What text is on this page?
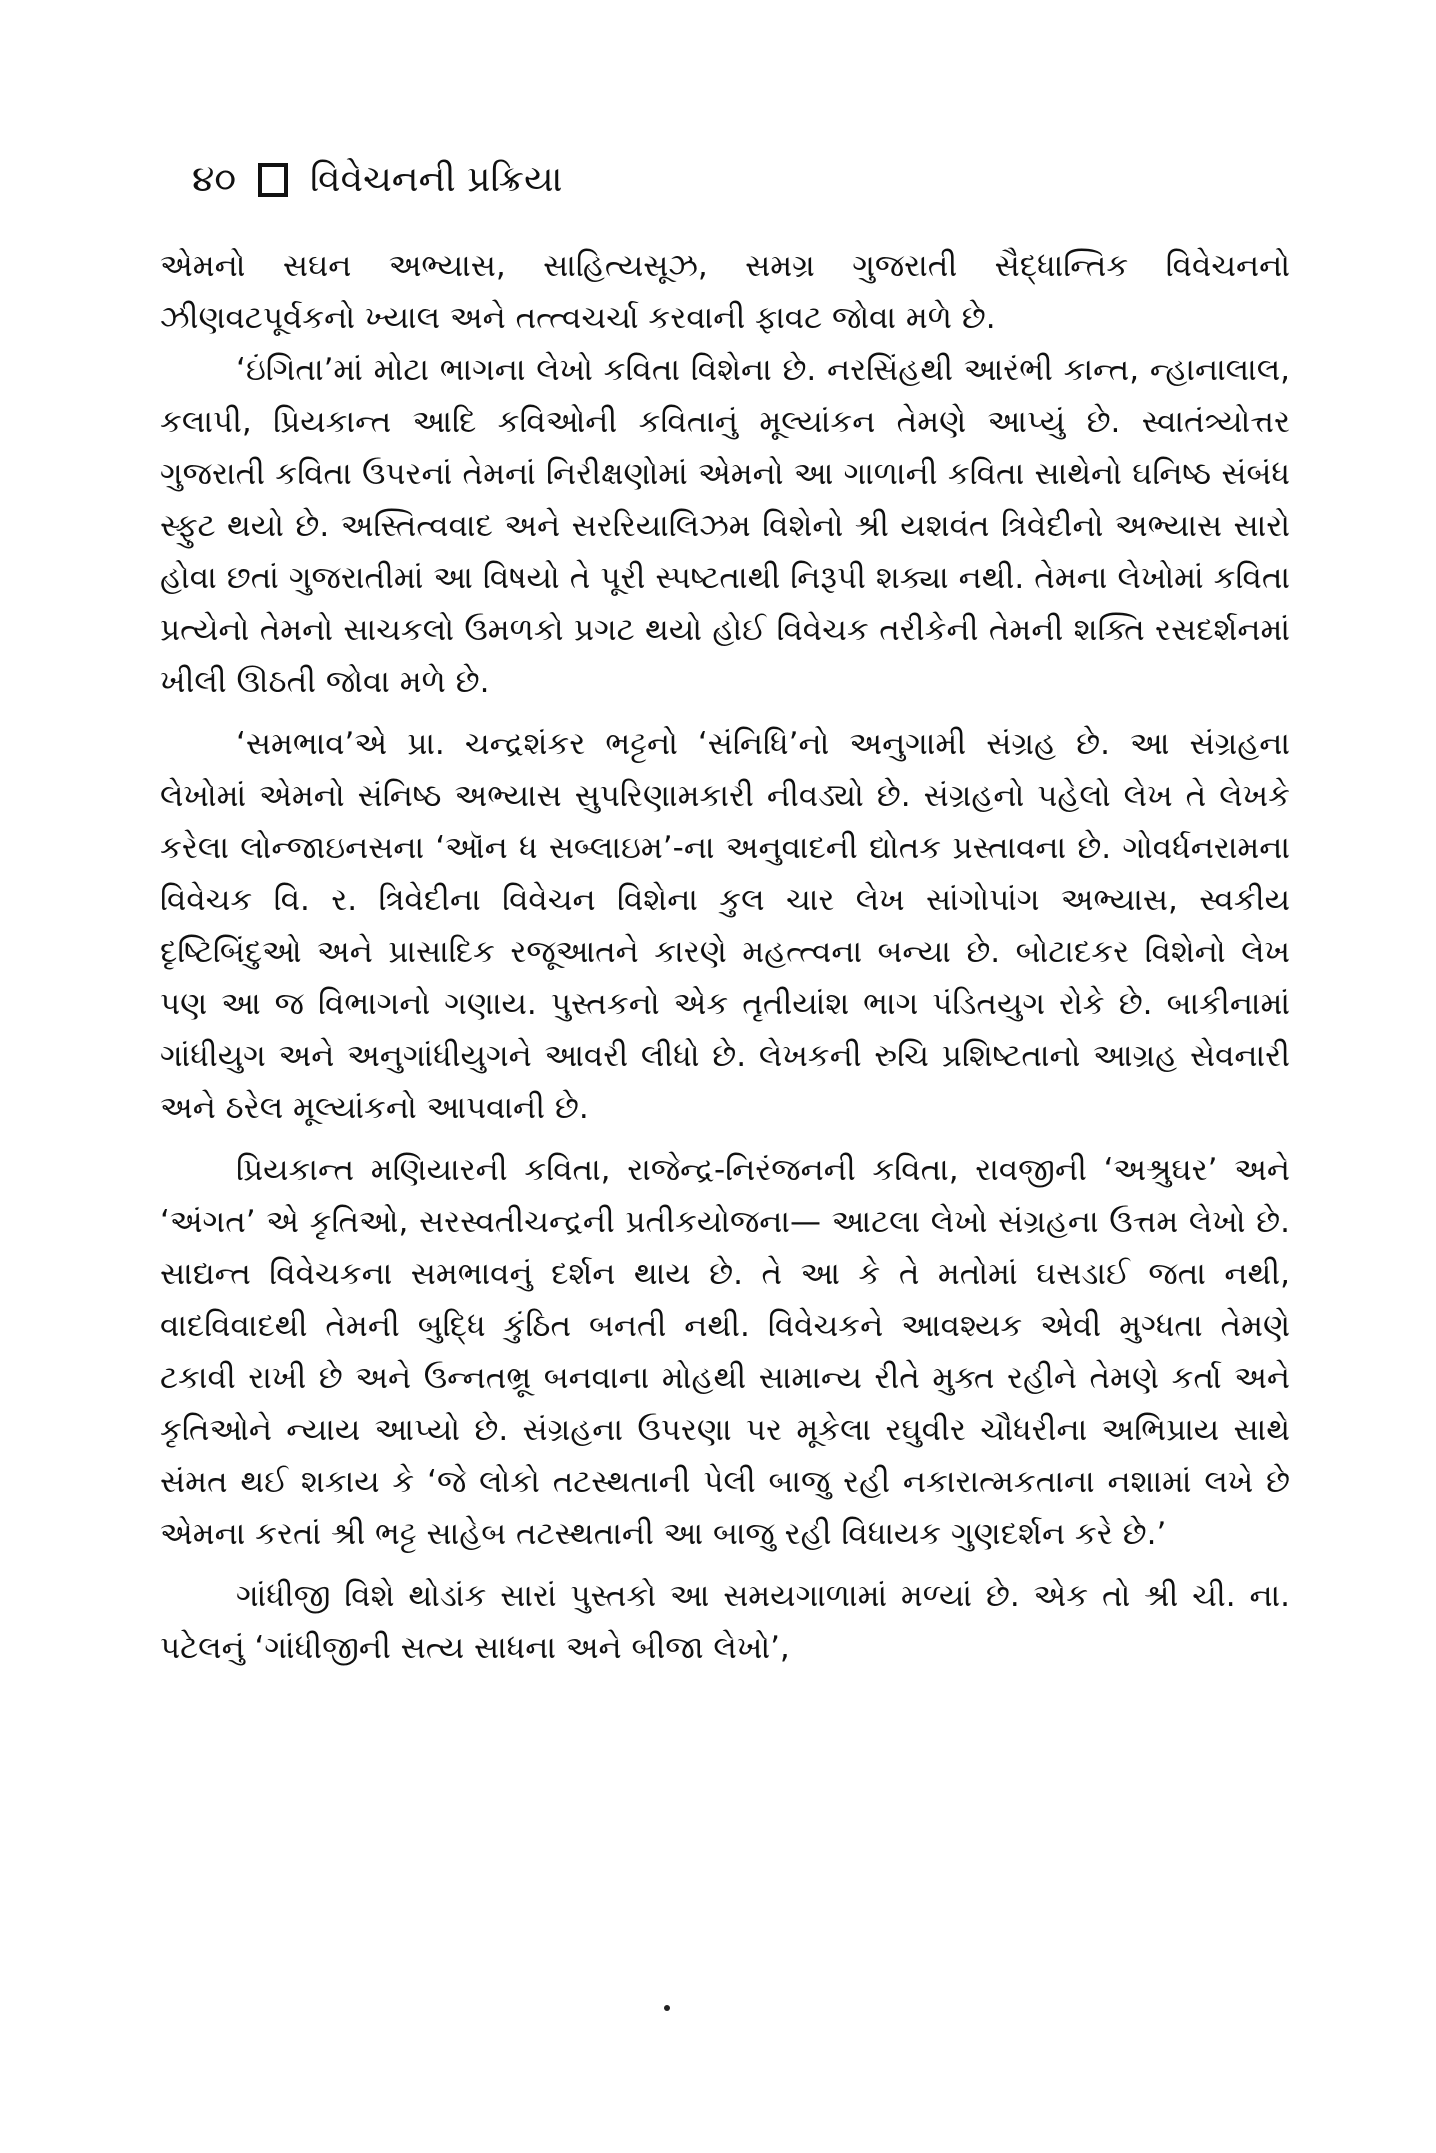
૪૦ વિવેચનની પ્રક્રિયા

એમનો સઘન અભ્યાસ, સાહિત્યસૂઝ, સમગ્ર ગુજરાતી સૈદ્ધાન્તિક વિવેચનનો ઝીણવટપૂર્વકનો ખ્યાલ અને તત્ત્વચર્ચા કરવાની ફાવટ જોવા મળે છે.

‘ઇંગિતા’માં મોટા ભાગના લેખો કવિતા વિશેના છે. નરસિંહથી આરંભી કાન્ત, ન્હાનાલાલ, કલાપી, પ્રિયકાન્ત આદિ કવિઓની કવિતાનું મૂલ્યાંકન તેમણે આપ્યું છે. સ્વાતંત્ર્યોત્તર ગુજરાતી કવિતા ઉપરનાં તેમનાં નિરીક્ષણોમાં એમનો આ ગાળાની કવિતા સાથેનો ઘનિષ્ઠ સંબંધ સ્ફુટ થયો છે. અસ્તિત્વવાદ અને સરરિયાલિઝમ વિશેનો શ્રી યશવંત ત્રિવેદીનો અભ્યાસ સારો હોવા છતાં ગુજરાતીમાં આ વિષયો તે પૂરી સ્પષ્ટતાથી નિરૂપી શક્યા નથી. તેમના લેખોમાં કવિતા પ્રત્યેનો તેમનો સાચકલો ઉમળકો પ્રગટ થયો હોઈ વિવેચક તરીકેની તેમની શક્તિ રસદર્શનમાં ખીલી ઊઠતી જોવા મળે છે.

‘સમભાવ’એ પ્રા. ચન્દ્રશંકર ભટ્ટનો ‘સંનિધિ’નો અનુગામી સંગ્રહ છે. આ સંગ્રહના લેખોમાં એમનો સંનિષ્ઠ અભ્યાસ સુપરિણામકારી નીવડ્યો છે. સંગ્રહનો પહેલો લેખ તે લેખકે કરેલા લોન્જાઇનસના ‘ઑન ધ સબ્લાઇમ’-ના અનુવાદની દ્યોતક પ્રસ્તાવના છે. ગોવર્ધનરામના વિવેચક વિ. ર. ત્રિવેદીના વિવેચન વિશેના કુલ ચાર લેખ સાંગોપાંગ અભ્યાસ, સ્વકીય દૃષ્ટિબિંદુઓ અને પ્રાસાદિક રજૂઆતને કારણે મહત્ત્વના બન્યા છે. બોટાદકર વિશેનો લેખ પણ આ જ વિભાગનો ગણાય. પુસ્તકનો એક તૃતીયાંશ ભાગ પંડિતયુગ રોકે છે. બાકીનામાં ગાંધીયુગ અને અનુગાંધીયુગને આવરી લીધો છે. લેખકની રુચિ પ્રશિષ્ટતાનો આગ્રહ સેવનારી અને ઠરેલ મૂલ્યાંકનો આપવાની છે.

પ્રિયકાન્ત મણિયારની કવિતા, રાજેન્દ્ર-નિરંજનની કવિતા, રાવજીની ‘અશ્રુઘર’ અને ‘અંગત’ એ કૃતિઓ, સરસ્વતીચન્દ્રની પ્રતીકયોજના— આટલા લેખો સંગ્રહના ઉત્તમ લેખો છે. સાદ્યન્ત વિવેચકના સમભાવનું દર્શન થાય છે. તે આ કે તે મતોમાં ઘસડાઈ જતા નથી, વાદવિવાદથી તેમની બુદ્ધિ કુંઠિત બનતી નથી. વિવેચકને આવશ્યક એવી મુગ્ધતા તેમણે ટકાવી રાખી છે અને ઉન્નતભ્રૂ બનવાના મોહથી સામાન્ય રીતે મુક્ત રહીને તેમણે કર્તા અને કૃતિઓને ન્યાય આપ્યો છે. સંગ્રહના ઉપરણા પર મૂકેલા રઘુવીર ચૌધરીના અભિપ્રાય સાથે સંમત થઈ શકાય કે ‘જે લોકો તટસ્થતાની પેલી બાજુ રહી નકારાત્મકતાના નશામાં લખે છે એમના કરતાં શ્રી ભટ્ટ સાહેબ તટસ્થતાની આ બાજુ રહી વિધાયક ગુણદર્શન કરે છે.’

ગાંધીજી વિશે થોડાંક સારાં પુસ્તકો આ સમયગાળામાં મળ્યાં છે. એક તો શ્રી ચી. ના. પટેલનું ‘ગાંધીજીની સત્ય સાધના અને બીજા લેખો’,
